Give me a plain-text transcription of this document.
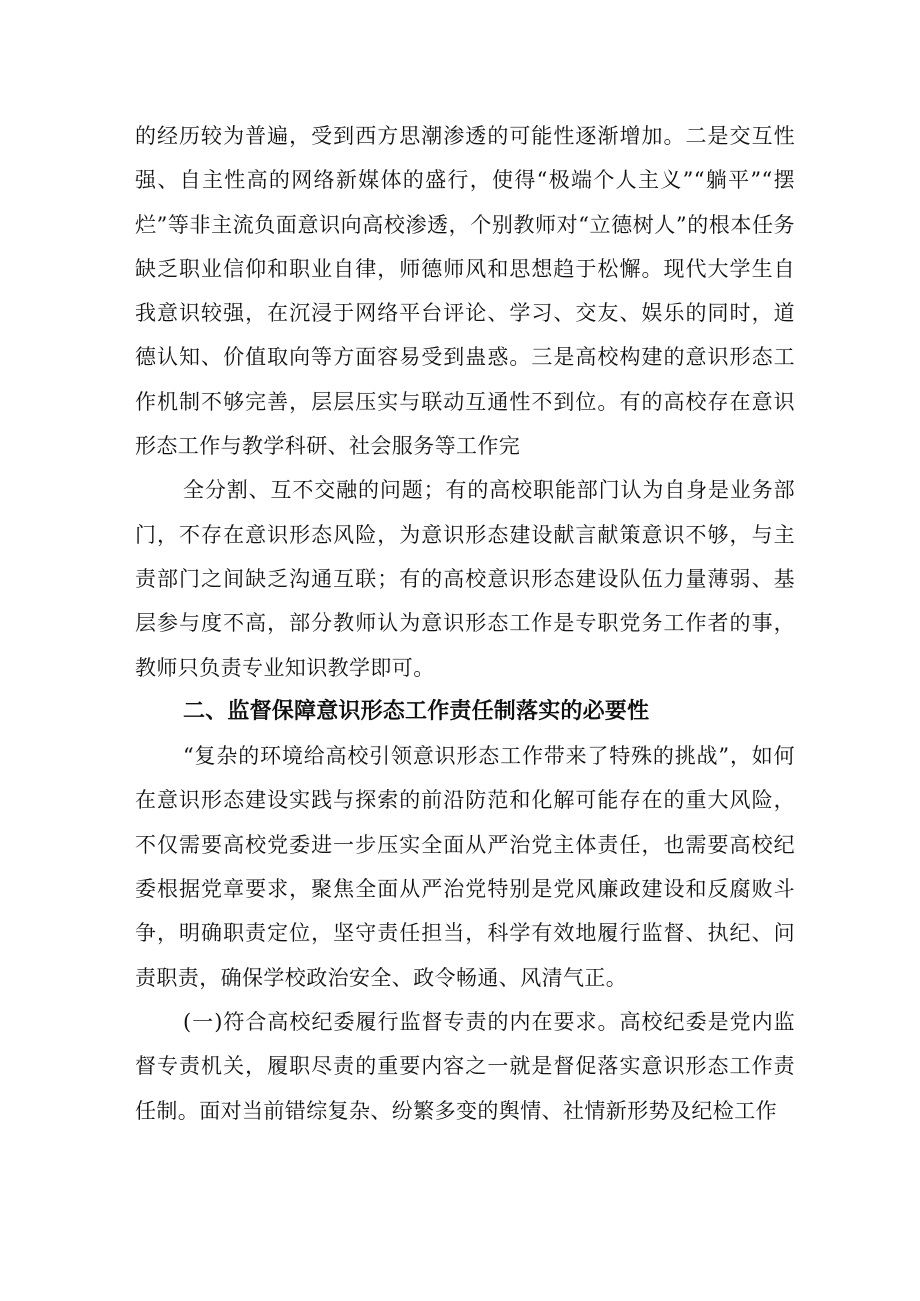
的经历较为普遍，受到西方思潮渗透的可能性逐渐增加。二是交互性强、自主性高的网络新媒体的盛行，使得“极端个人主义”“躺平”“摆烂”等非主流负面意识向高校渗透，个别教师对“立德树人”的根本任务缺乏职业信仰和职业自律，师德师风和思想趋于松懈。现代大学生自我意识较强，在沉浸于网络平台评论、学习、交友、娱乐的同时，道德认知、价值取向等方面容易受到蛊惑。三是高校构建的意识形态工作机制不够完善，层层压实与联动互通性不到位。有的高校存在意识形态工作与教学科研、社会服务等工作完

全分割、互不交融的问题；有的高校职能部门认为自身是业务部门，不存在意识形态风险，为意识形态建设献言献策意识不够，与主责部门之间缺乏沟通互联；有的高校意识形态建设队伍力量薄弱、基层参与度不高，部分教师认为意识形态工作是专职党务工作者的事，教师只负责专业知识教学即可。

二、监督保障意识形态工作责任制落实的必要性

“复杂的环境给高校引领意识形态工作带来了特殊的挑战”，如何在意识形态建设实践与探索的前沿防范和化解可能存在的重大风险，不仅需要高校党委进一步压实全面从严治党主体责任，也需要高校纪委根据党章要求，聚焦全面从严治党特别是党风廉政建设和反腐败斗争，明确职责定位，坚守责任担当，科学有效地履行监督、执纪、问责职责，确保学校政治安全、政令畅通、风清气正。

(一)符合高校纪委履行监督专责的内在要求。高校纪委是党内监督专责机关，履职尽责的重要内容之一就是督促落实意识形态工作责任制。面对当前错综复杂、纷繁多变的舆情、社情新形势及纪检工作
